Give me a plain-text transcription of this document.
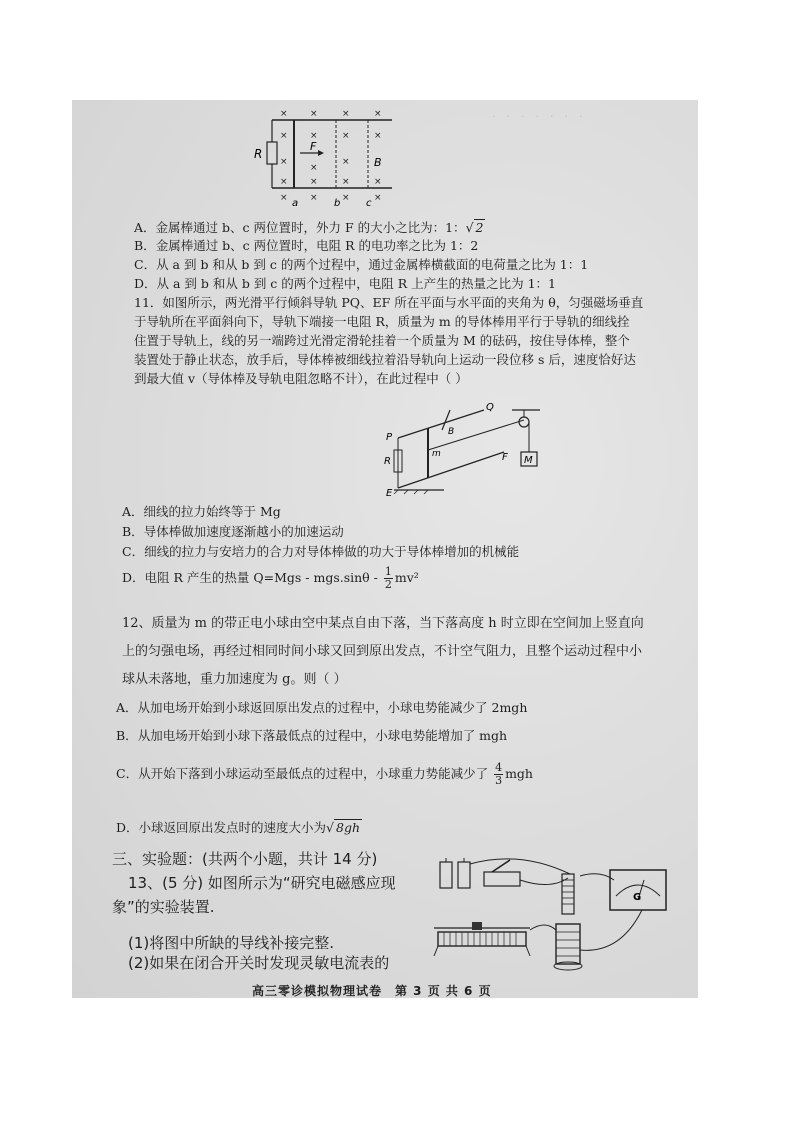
·　·　·　·　·　·　·
R
F
B
× ×	×	×
× ×	×	×
×
×
×
× ×	×	×
× ×	×	×
a	b	c
A．金属棒通过 b、c 两位置时，外力 F 的大小之比为：1：√ 2
B．金属棒通过 b、c 两位置时，电阻 R 的电功率之比为 1：2
C．从 a 到 b 和从 b 到 c 的两个过程中，通过金属棒横截面的电荷量之比为 1：1
D．从 a 到 b 和从 b 到 c 的两个过程中，电阻 R 上产生的热量之比为 1：1
11．如图所示，两光滑平行倾斜导轨 PQ、EF 所在平面与水平面的夹角为 θ，匀强磁场垂直
于导轨所在平面斜向下，导轨下端接一电阻 R，质量为 m 的导体棒用平行于导轨的细线拴
住置于导轨上，线的另一端跨过光滑定滑轮挂着一个质量为 M 的砝码，按住导体棒，整个
装置处于静止状态，放手后，导体棒被细线拉着沿导轨向上运动一段位移 s 后，速度恰好达
到最大值 v（导体棒及导轨电阻忽略不计），在此过程中（ ）
M
P
Q
E
F
R
B
m
A．细线的拉力始终等于 Mg
B．导体棒做加速度逐渐越小的加速运动
C．细线的拉力与安培力的合力对导体棒做的功大于导体棒增加的机械能
D．电阻 R 产生的热量 $Q=Mgs - mgs.\sin\theta - \frac{1}{2} mv^2$
12、质量为 m 的带正电小球由空中某点自由下落，当下落高度 h 时立即在空间加上竖直向
上的匀强电场，再经过相同时间小球又回到原出发点，不计空气阻力，且整个运动过程中小
球从未落地，重力加速度为 g。则（ ）
A．从加电场开始到小球返回原出发点的过程中，小球电势能减少了 2mgh
B．从加电场开始到小球下落最低点的过程中，小球电势能增加了 mgh
C．从开始下落到小球运动至最低点的过程中，小球重力势能减少了 $\frac{4}{3}$ mgh
D．小球返回原出发点时的速度大小为√ 8gh
三、实验题：(共两个小题，共计 14 分)
13、(5 分) 如图所示为“研究电磁感应现
象”的实验装置.
(1)将图中所缺的导线补接完整.
(2)如果在闭合开关时发现灵敏电流表的
G
高三零诊模拟物理试卷　第 3 页 共 6 页
